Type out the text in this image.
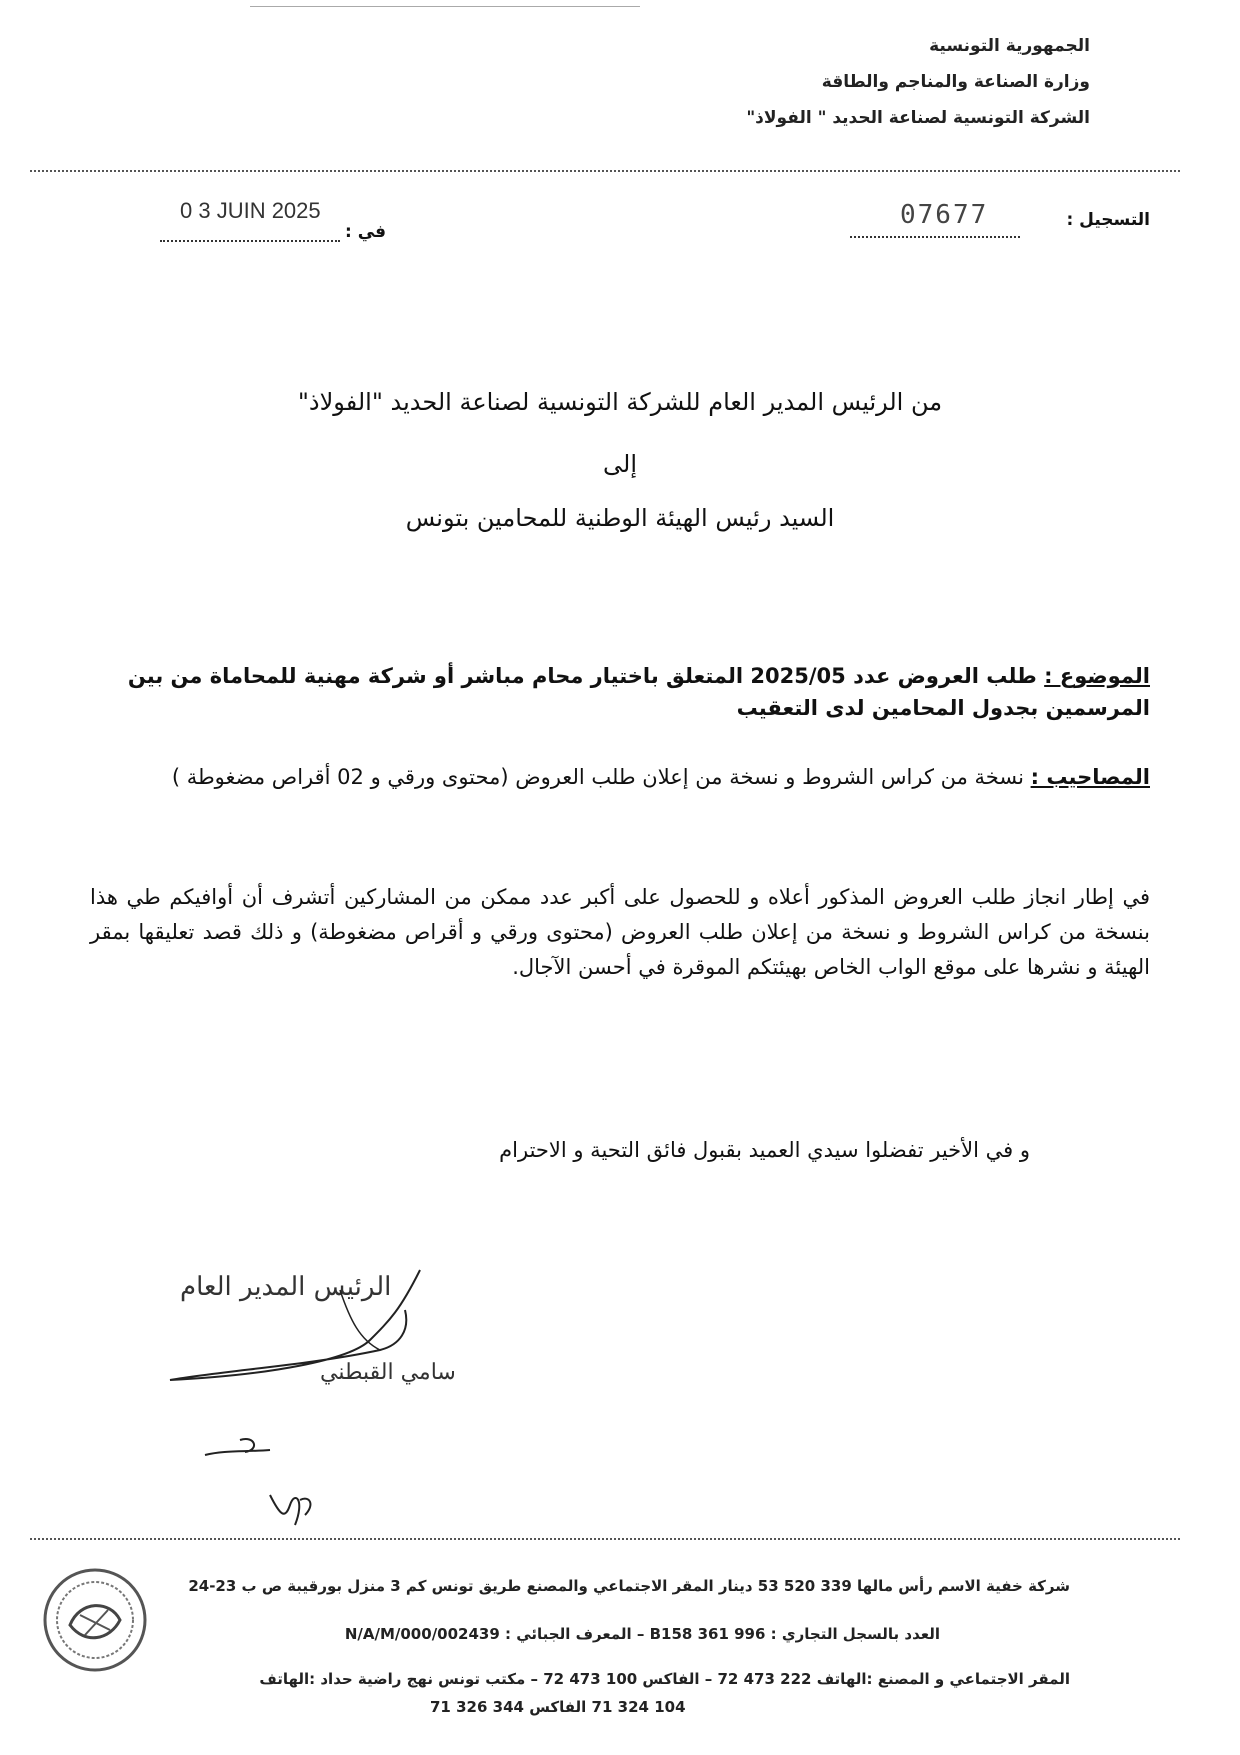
الجمهورية التونسية
وزارة الصناعة والمناجم والطاقة
الشركة التونسية لصناعة الحديد " الفولاذ"
التسجيل :
07677
في :
0 3 JUIN 2025
من الرئيس المدير العام للشركة التونسية لصناعة الحديد "الفولاذ"
إلى
السيد رئيس الهيئة الوطنية للمحامين بتونس
الموضوع : طلب العروض عدد 2025/05 المتعلق باختيار محام مباشر أو شركة مهنية للمحاماة من بين المرسمين بجدول المحامين لدى التعقيب
المصاحيب : نسخة من كراس الشروط و نسخة من إعلان طلب العروض (محتوى ورقي و 02 أقراص مضغوطة )
في إطار انجاز طلب العروض المذكور أعلاه و للحصول على أكبر عدد ممكن من المشاركين أتشرف أن أوافيكم طي هذا بنسخة من كراس الشروط و نسخة من إعلان طلب العروض (محتوى ورقي و أقراص مضغوطة) و ذلك قصد تعليقها بمقر الهيئة و نشرها على موقع الواب الخاص بهيئتكم الموقرة في أحسن الآجال.
و في الأخير تفضلوا سيدي العميد بقبول فائق التحية و الاحترام
الرئيس المدير العام
سامي القبطني
شركة خفية الاسم رأس مالها 339 520 53 دينار المقر الاجتماعي والمصنع طريق تونس كم 3 منزل بورقيبة ص ب 23-24
العدد بالسجل التجاري : B158 361 996 – المعرف الجبائي : 002439/N/A/M/000
المقر الاجتماعي و المصنع :الهاتف 222 473 72 – الفاكس 100 473 72 – مكتب تونس نهج راضية حداد :الهاتف
104 324 71 الفاكس 344 326 71
